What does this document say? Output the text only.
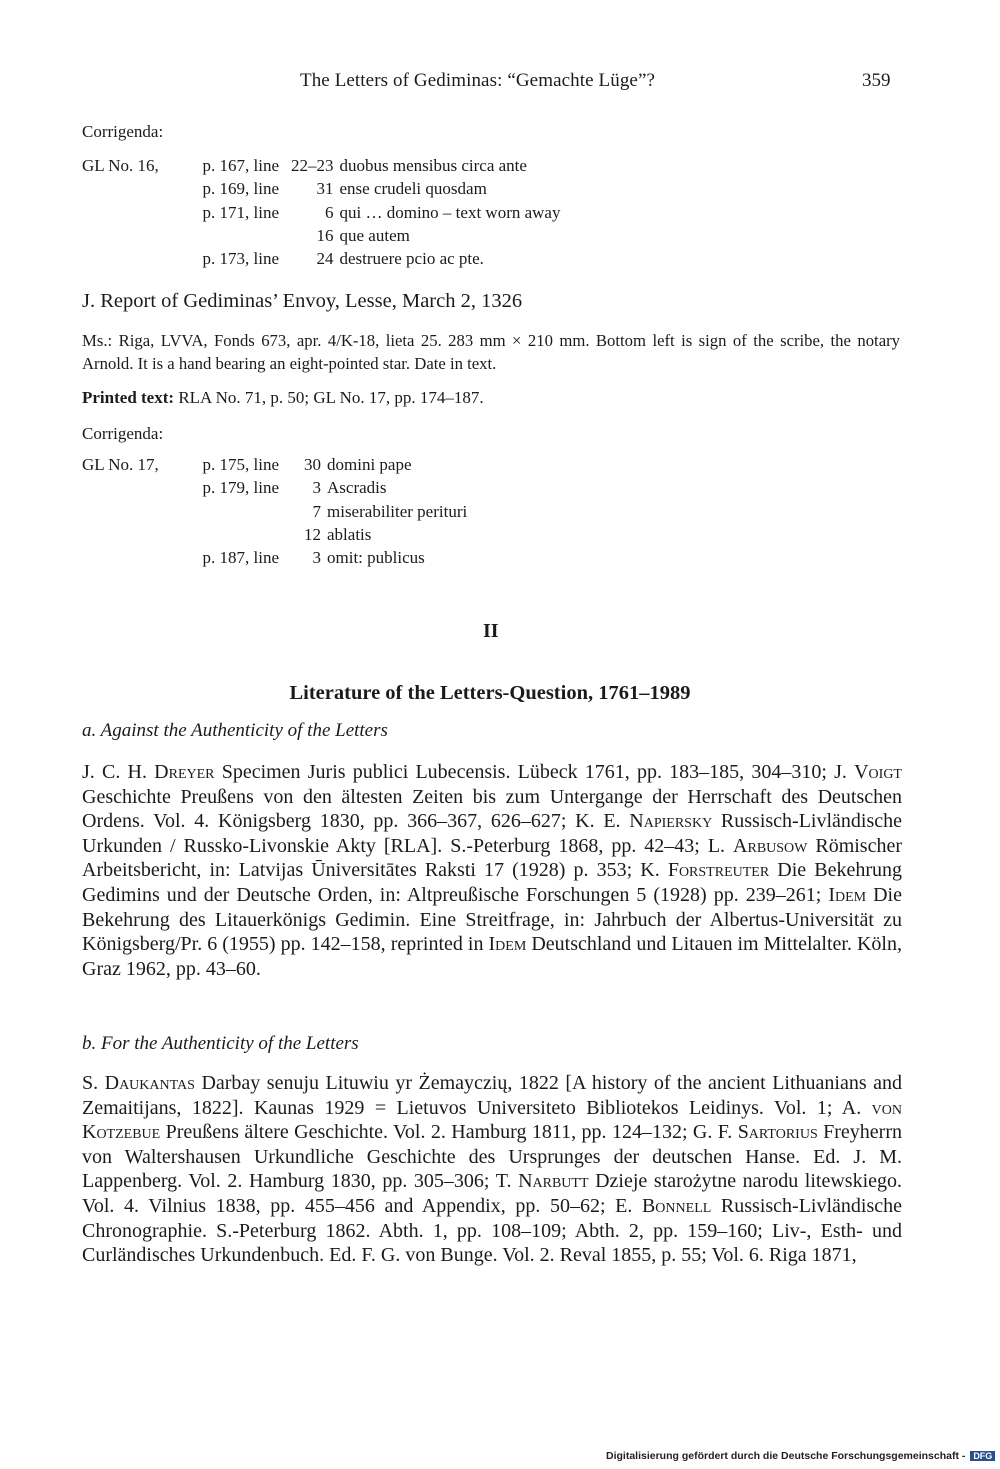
The Letters of Gediminas: “Gemachte Lüge”?	359
Corrigenda:
GL No. 16,	p. 167, line	22–23	duobus mensibus circa ante
	p. 169, line	31	ense crudeli quosdam
	p. 171, line	6	qui … domino – text worn away
		16	que autem
	p. 173, line	24	destruere pcio ac pte.
J. Report of Gediminas’ Envoy, Lesse, March 2, 1326
Ms.: Riga, LVVA, Fonds 673, apr. 4/K-18, lieta 25. 283 mm × 210 mm. Bottom left is sign of the scribe, the notary Arnold. It is a hand bearing an eight-pointed star. Date in text.
Printed text: RLA No. 71, p. 50; GL No. 17, pp. 174–187.
Corrigenda:
GL No. 17,	p. 175, line	30	domini pape
	p. 179, line	3	Ascradis
		7	miserabiliter perituri
		12	ablatis
	p. 187, line	3	omit: publicus
II
Literature of the Letters-Question, 1761–1989
a. Against the Authenticity of the Letters
J. C. H. Dreyer Specimen Juris publici Lubecensis. Lübeck 1761, pp. 183–185, 304–310; J. Voigt Geschichte Preußens von den ältesten Zeiten bis zum Untergange der Herrschaft des Deutschen Ordens. Vol. 4. Königsberg 1830, pp. 366–367, 626–627; K. E. Napiersky Russisch-Livländische Urkunden / Russko-Livonskie Akty [RLA]. S.-Peterburg 1868, pp. 42–43; L. Arbusow Römischer Arbeitsbericht, in: Latvijas Ūniversitātes Raksti 17 (1928) p. 353; K. Forstreuter Die Bekehrung Gedimins und der Deutsche Orden, in: Altpreußische Forschungen 5 (1928) pp. 239–261; Idem Die Bekehrung des Litauerkönigs Gedimin. Eine Streitfrage, in: Jahrbuch der Albertus-Universität zu Königsberg/Pr. 6 (1955) pp. 142–158, reprinted in Idem Deutschland und Litauen im Mittelalter. Köln, Graz 1962, pp. 43–60.
b. For the Authenticity of the Letters
S. Daukantas Darbay senuju Lituwiu yr Żemayczių, 1822 [A history of the ancient Lithuanians and Zemaitijans, 1822]. Kaunas 1929 = Lietuvos Universiteto Bibliotekos Leidinys. Vol. 1; A. von Kotzebue Preußens ältere Geschichte. Vol. 2. Hamburg 1811, pp. 124–132; G. F. Sartorius Freyherrn von Waltershausen Urkundliche Geschichte des Ursprunges der deutschen Hanse. Ed. J. M. Lappenberg. Vol. 2. Hamburg 1830, pp. 305–306; T. Narbutt Dzieje starożytne narodu litewskiego. Vol. 4. Vilnius 1838, pp. 455–456 and Appendix, pp. 50–62; E. Bonnell Russisch-Livländische Chronographie. S.-Peterburg 1862. Abth. 1, pp. 108–109; Abth. 2, pp. 159–160; Liv-, Esth- und Curländisches Urkundenbuch. Ed. F. G. von Bunge. Vol. 2. Reval 1855, p. 55; Vol. 6. Riga 1871,
Digitalisierung gefördert durch die Deutsche Forschungsgemeinschaft - DFG
